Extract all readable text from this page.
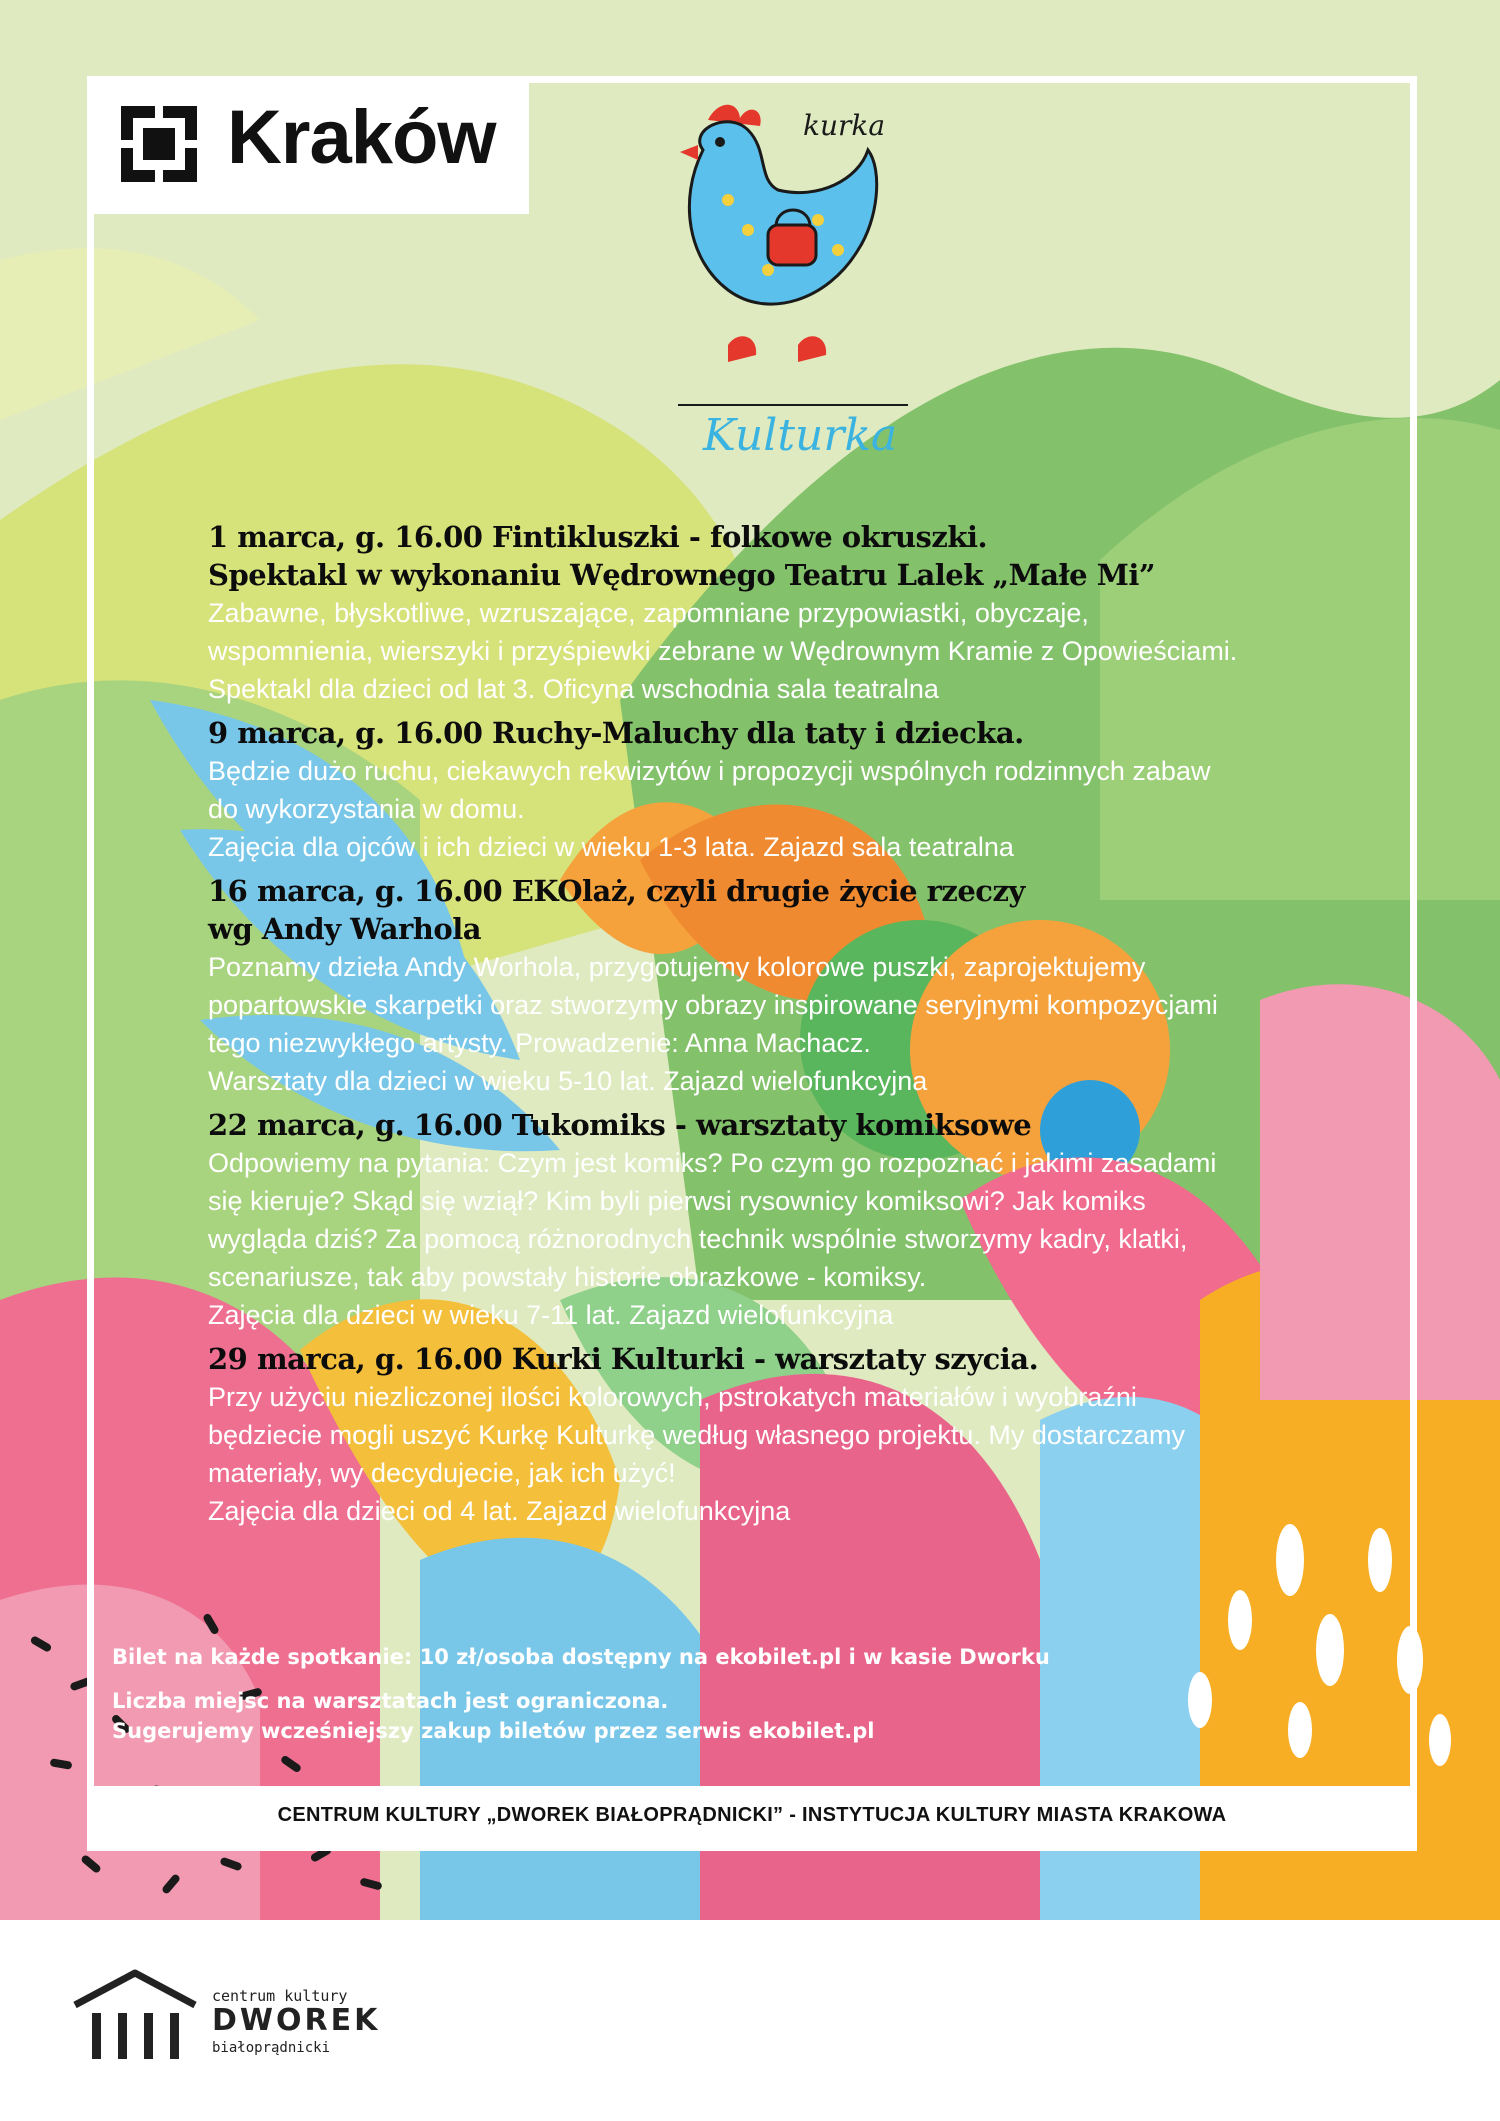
Kraków	kurka
Kulturka
1 marca, g. 16.00 Fintikluszki - folkowe okruszki.
Spektakl w wykonaniu Wędrownego Teatru Lalek „Małe Mi”
Zabawne, błyskotliwe, wzruszające, zapomniane przypowiastki, obyczaje,
wspomnienia, wierszyki i przyśpiewki zebrane w Wędrownym Kramie z Opowieściami.
Spektakl dla dzieci od lat 3. Oficyna wschodnia sala teatralna
9 marca, g. 16.00 Ruchy-Maluchy dla taty i dziecka.
Będzie dużo ruchu, ciekawych rekwizytów i propozycji wspólnych rodzinnych zabaw
do wykorzystania w domu.
Zajęcia dla ojców i ich dzieci w wieku 1-3 lata. Zajazd sala teatralna
16 marca, g. 16.00 EKOlaż, czyli drugie życie rzeczy
wg Andy Warhola
Poznamy dzieła Andy Worhola, przygotujemy kolorowe puszki, zaprojektujemy
popartowskie skarpetki oraz stworzymy obrazy inspirowane seryjnymi kompozycjami
tego niezwykłego artysty. Prowadzenie: Anna Machacz.
Warsztaty dla dzieci w wieku 5-10 lat. Zajazd wielofunkcyjna
22 marca, g. 16.00 Tukomiks - warsztaty komiksowe
Odpowiemy na pytania: Czym jest komiks? Po czym go rozpoznać i jakimi zasadami
się kieruje? Skąd się wziął? Kim byli pierwsi rysownicy komiksowi? Jak komiks
wygląda dziś? Za pomocą różnorodnych technik wspólnie stworzymy kadry, klatki,
scenariusze, tak aby powstały historie obrazkowe - komiksy.
Zajęcia dla dzieci w wieku 7-11 lat. Zajazd wielofunkcyjna
29 marca, g. 16.00 Kurki Kulturki - warsztaty szycia.
Przy użyciu niezliczonej ilości kolorowych, pstrokatych materiałów i wyobraźni
będziecie mogli uszyć Kurkę Kulturkę według własnego projektu. My dostarczamy
materiały, wy decydujecie, jak ich użyć!
Zajęcia dla dzieci od 4 lat. Zajazd wielofunkcyjna
Bilet na każde spotkanie: 10 zł/osoba dostępny na ekobilet.pl i w kasie Dworku
Liczba miejsc na warsztatach jest ograniczona.
Sugerujemy wcześniejszy zakup biletów przez serwis ekobilet.pl
CENTRUM KULTURY „DWOREK BIAŁOPRĄDNICKI” - INSTYTUCJA KULTURY MIASTA KRAKOWA
centrum kultury
DWOREK
białoprądnicki
